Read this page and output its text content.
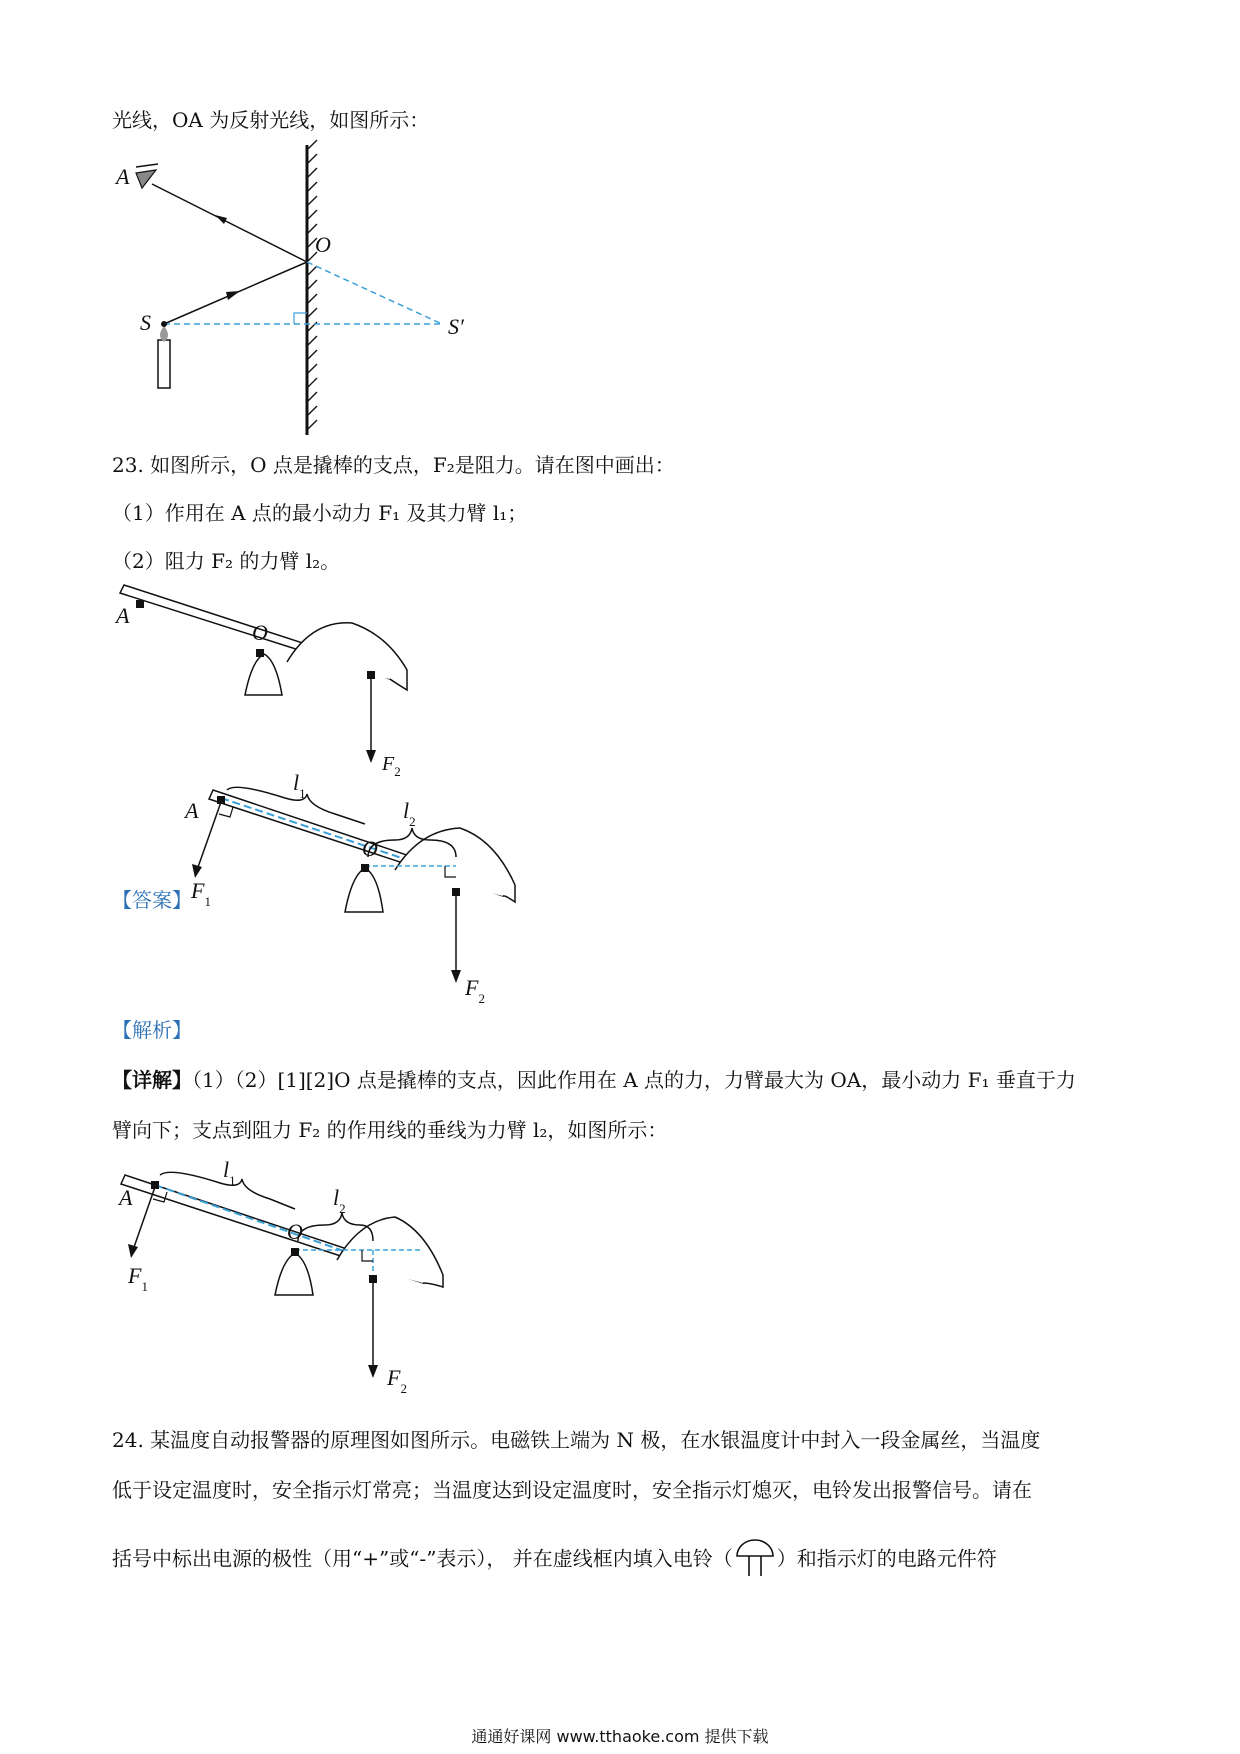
光线，OA 为反射光线，如图所示：
A
O
S	S′
23. 如图所示，O 点是撬棒的支点，F₂是阻力。请在图中画出：
（1）作用在 A 点的最小动力 F₁ 及其力臂 l₁；
（2）阻力 F₂ 的力臂 l₂。
A
O
$F_2$
【答案】
A
O
$F_1$
$F_2$
$l_1$
$l_2$
【解析】
【详解】（1）（2）[1][2]O 点是撬棒的支点，因此作用在 A 点的力，力臂最大为 OA，最小动力 F₁ 垂直于力
臂向下；支点到阻力 F₂ 的作用线的垂线为力臂 l₂，如图所示：
A
O
$F_1$
$F_2$
$l_1$
$l_2$
24. 某温度自动报警器的原理图如图所示。电磁铁上端为 N 极，在水银温度计中封入一段金属丝，当温度
低于设定温度时，安全指示灯常亮；当温度达到设定温度时，安全指示灯熄灭，电铃发出报警信号。请在
括号中标出电源的极性（用“+”或“-”表示）， 并在虚线框内填入电铃（ ）和指示灯的电路元件符
通通好课网 www.tthaoke.com 提供下载
